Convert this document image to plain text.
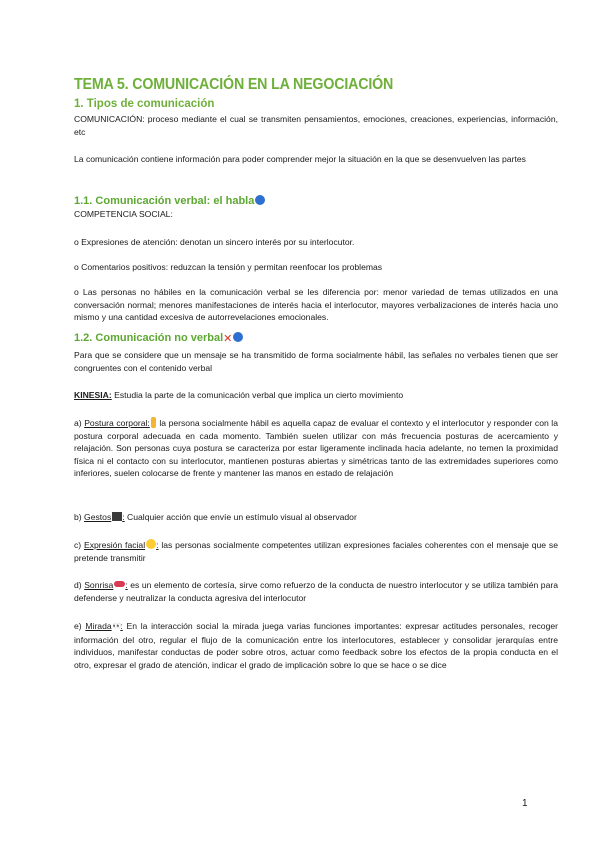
TEMA 5. COMUNICACIÓN EN LA NEGOCIACIÓN
1. Tipos de comunicación

COMUNICACIÓN: proceso mediante el cual se transmiten pensamientos, emociones, creaciones, experiencias, información, etc

La comunicación contiene información para poder comprender mejor la situación en la que se desenvuelven las partes

1.1. Comunicación verbal: el habla

COMPETENCIA SOCIAL:

o Expresiones de atención: denotan un sincero interés por su interlocutor.

o Comentarios positivos: reduzcan la tensión y permitan reenfocar los problemas

o Las personas no hábiles en la comunicación verbal se les diferencia por: menor variedad de temas utilizados en una conversación normal; menores manifestaciones de interés hacia el interlocutor, mayores verbalizaciones de interés hacia uno mismo y una cantidad excesiva de autorrevelaciones emocionales.

1.2. Comunicación no verbal✕

Para que se considere que un mensaje se ha transmitido de forma socialmente hábil, las señales no verbales tienen que ser congruentes con el contenido verbal

KINESIA: Estudia la parte de la comunicación verbal que implica un cierto movimiento

a) Postura corporal: la persona socialmente hábil es aquella capaz de evaluar el contexto y el interlocutor y responder con la postura corporal adecuada en cada momento. También suelen utilizar con más frecuencia posturas de acercamiento y relajación. Son personas cuya postura se caracteriza por estar ligeramente inclinada hacia adelante, no temen la proximidad física ni el contacto con su interlocutor, mantienen posturas abiertas y simétricas tanto de las extremidades superiores como inferiores, suelen colocarse de frente y mantener las manos en estado de relajación

b) Gestos : Cualquier acción que envíe un estímulo visual al observador

c) Expresión facial : las personas socialmente competentes utilizan expresiones faciales coherentes con el mensaje que se pretende transmitir

d) Sonrisa : es un elemento de cortesía, sirve como refuerzo de la conducta de nuestro interlocutor y se utiliza también para defenderse y neutralizar la conducta agresiva del interlocutor

e) Mirada👀: En la interacción social la mirada juega varias funciones importantes: expresar actitudes personales, recoger información del otro, regular el flujo de la comunicación entre los interlocutores, establecer y consolidar jerarquías entre individuos, manifestar conductas de poder sobre otros, actuar como feedback sobre los efectos de la propia conducta en el otro, expresar el grado de atención, indicar el grado de implicación sobre lo que se hace o se dice

1
